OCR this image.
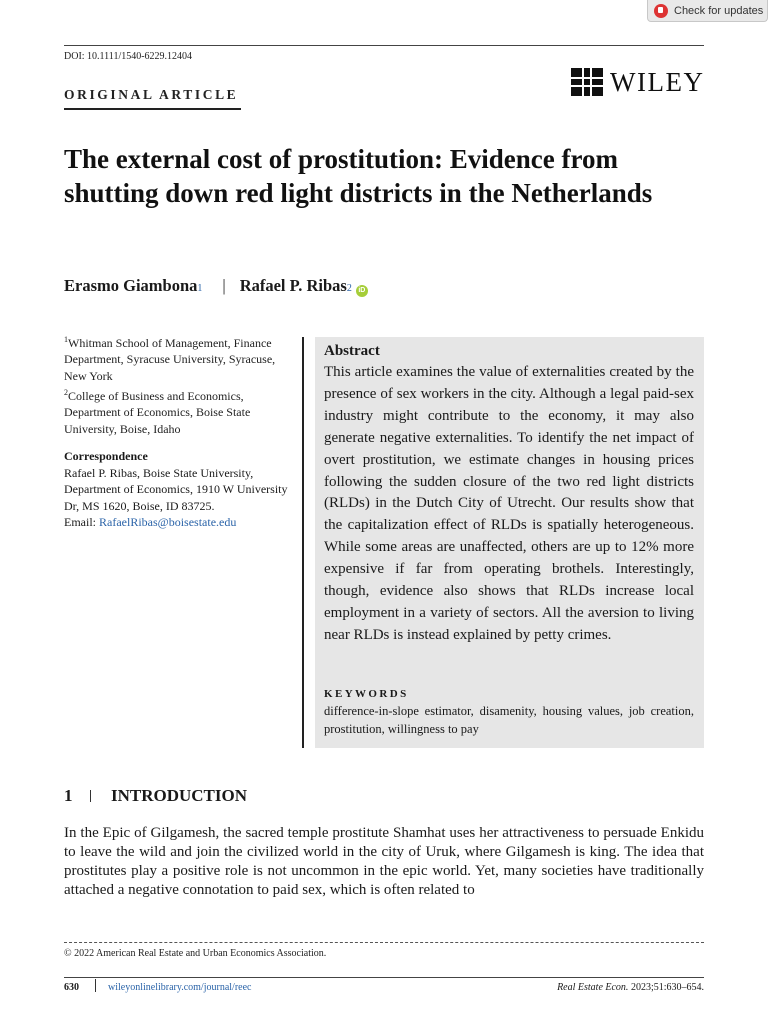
Check for updates
DOI: 10.1111/1540-6229.12404
ORIGINAL ARTICLE	WILEY
The external cost of prostitution: Evidence from shutting down red light districts in the Netherlands
Erasmo Giambona 1 | Rafael P. Ribas 2 iD
$^1$Whitman School of Management, Finance Department, Syracuse University, Syracuse, New York
$^2$College of Business and Economics, Department of Economics, Boise State University, Boise, Idaho
Correspondence
Rafael P. Ribas, Boise State University, Department of Economics, 1910 W University Dr, MS 1620, Boise, ID 83725.
Email: RafaelRibas@boisestate.edu
Abstract

This article examines the value of externalities created by the presence of sex workers in the city. Although a legal paid-sex industry might contribute to the economy, it may also generate negative externalities. To identify the net impact of overt prostitution, we estimate changes in housing prices following the sudden closure of the two red light districts (RLDs) in the Dutch City of Utrecht. Our results show that the capitalization effect of RLDs is spatially heterogeneous. While some areas are unaffected, others are up to 12% more expensive if far from operating brothels. Interestingly, though, evidence also shows that RLDs increase local employment in a variety of sectors. All the aversion to living near RLDs is instead explained by petty crimes.

KEYWORDS

difference-in-slope estimator, disamenity, housing values, job creation, prostitution, willingness to pay

1 INTRODUCTION

In the Epic of Gilgamesh, the sacred temple prostitute Shamhat uses her attractiveness to persuade Enkidu to leave the wild and join the civilized world in the city of Uruk, where Gilgamesh is king. The idea that prostitutes play a positive role is not uncommon in the epic world. Yet, many societies have traditionally attached a negative connotation to paid sex, which is often related to

© 2022 American Real Estate and Urban Economics Association.
630	wileyonlinelibrary.com/journal/reec	Real Estate Econ. 2023;51:630–654.
